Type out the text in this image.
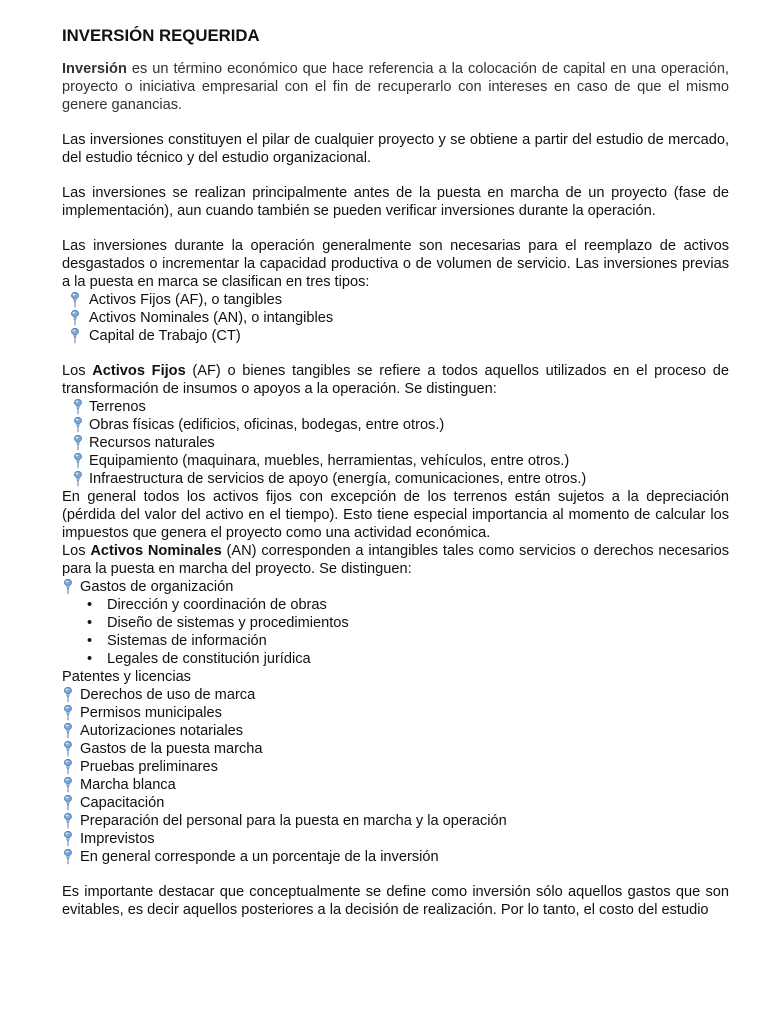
INVERSIÓN REQUERIDA

Inversión es un término económico que hace referencia a la colocación de capital en una operación, proyecto o iniciativa empresarial con el fin de recuperarlo con intereses en caso de que el mismo genere ganancias.

Las inversiones constituyen el pilar de cualquier proyecto y se obtiene a partir del estudio de mercado, del estudio técnico y del estudio organizacional.

Las inversiones se realizan principalmente antes de la puesta en marcha de un proyecto (fase de implementación), aun cuando también se pueden verificar inversiones durante la operación.

Las inversiones durante la operación generalmente son necesarias para el reemplazo de activos desgastados o incrementar la capacidad productiva o de volumen de servicio. Las inversiones previas a la puesta en marca se clasifican en tres tipos:

Activos Fijos (AF), o tangibles
Activos Nominales (AN), o intangibles
Capital de Trabajo (CT)

Los Activos Fijos (AF) o bienes tangibles se refiere a todos aquellos utilizados en el proceso de transformación de insumos o apoyos a la operación. Se distinguen:

Terrenos
Obras físicas (edificios, oficinas, bodegas, entre otros.)
Recursos naturales
Equipamiento (maquinara, muebles, herramientas, vehículos, entre otros.)
Infraestructura de servicios de apoyo (energía, comunicaciones, entre otros.)

En general todos los activos fijos con excepción de los terrenos están sujetos a la depreciación (pérdida del valor del activo en el tiempo). Esto tiene especial importancia al momento de calcular los impuestos que genera el proyecto como una actividad económica.

Los Activos Nominales (AN) corresponden a intangibles tales como servicios o derechos necesarios para la puesta en marcha del proyecto. Se distinguen:

Gastos de organización
• Dirección y coordinación de obras
• Diseño de sistemas y procedimientos
• Sistemas de información
• Legales de constitución jurídica
Patentes y licencias
Derechos de uso de marca
Permisos municipales
Autorizaciones notariales
Gastos de la puesta marcha
Pruebas preliminares
Marcha blanca
Capacitación
Preparación del personal para la puesta en marcha y la operación
Imprevistos
En general corresponde a un porcentaje de la inversión

Es importante destacar que conceptualmente se define como inversión sólo aquellos gastos que son evitables, es decir aquellos posteriores a la decisión de realización. Por lo tanto, el costo del estudio
